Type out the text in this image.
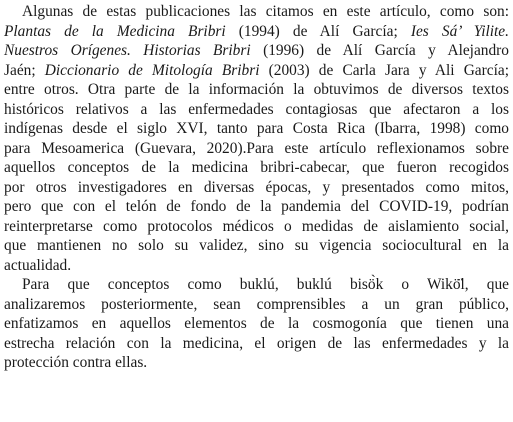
Algunas de estas publicaciones las citamos en este artículo, como son:
Plantas de la Medicina Bribri (1994) de Alí García; Ies Sá’ Yilite.
Nuestros Orígenes. Historias Bribri (1996) de Alí García y Alejandro
Jaén; Diccionario de Mitología Bribri (2003) de Carla Jara y Ali García;
entre otros. Otra parte de la información la obtuvimos de diversos textos
históricos relativos a las enfermedades contagiosas que afectaron a los
indígenas desde el siglo XVI, tanto para Costa Rica (Ibarra, 1998) como
para Mesoamerica (Guevara, 2020).Para este artículo reflexionamos sobre
aquellos conceptos de la medicina bribri-cabecar, que fueron recogidos
por otros investigadores en diversas épocas, y presentados como mitos,
pero que con el telón de fondo de la pandemia del COVID-19, podrían
reinterpretarse como protocolos médicos o medidas de aislamiento social,
que mantienen no solo su validez, sino su vigencia sociocultural en la
actualidad.

Para que conceptos como buklú, buklú bisö̀k o Wikö̈l, que
analizaremos posteriormente, sean comprensibles a un gran público,
enfatizamos en aquellos elementos de la cosmogonía que tienen una
estrecha relación con la medicina, el origen de las enfermedades y la
protección contra ellas.
